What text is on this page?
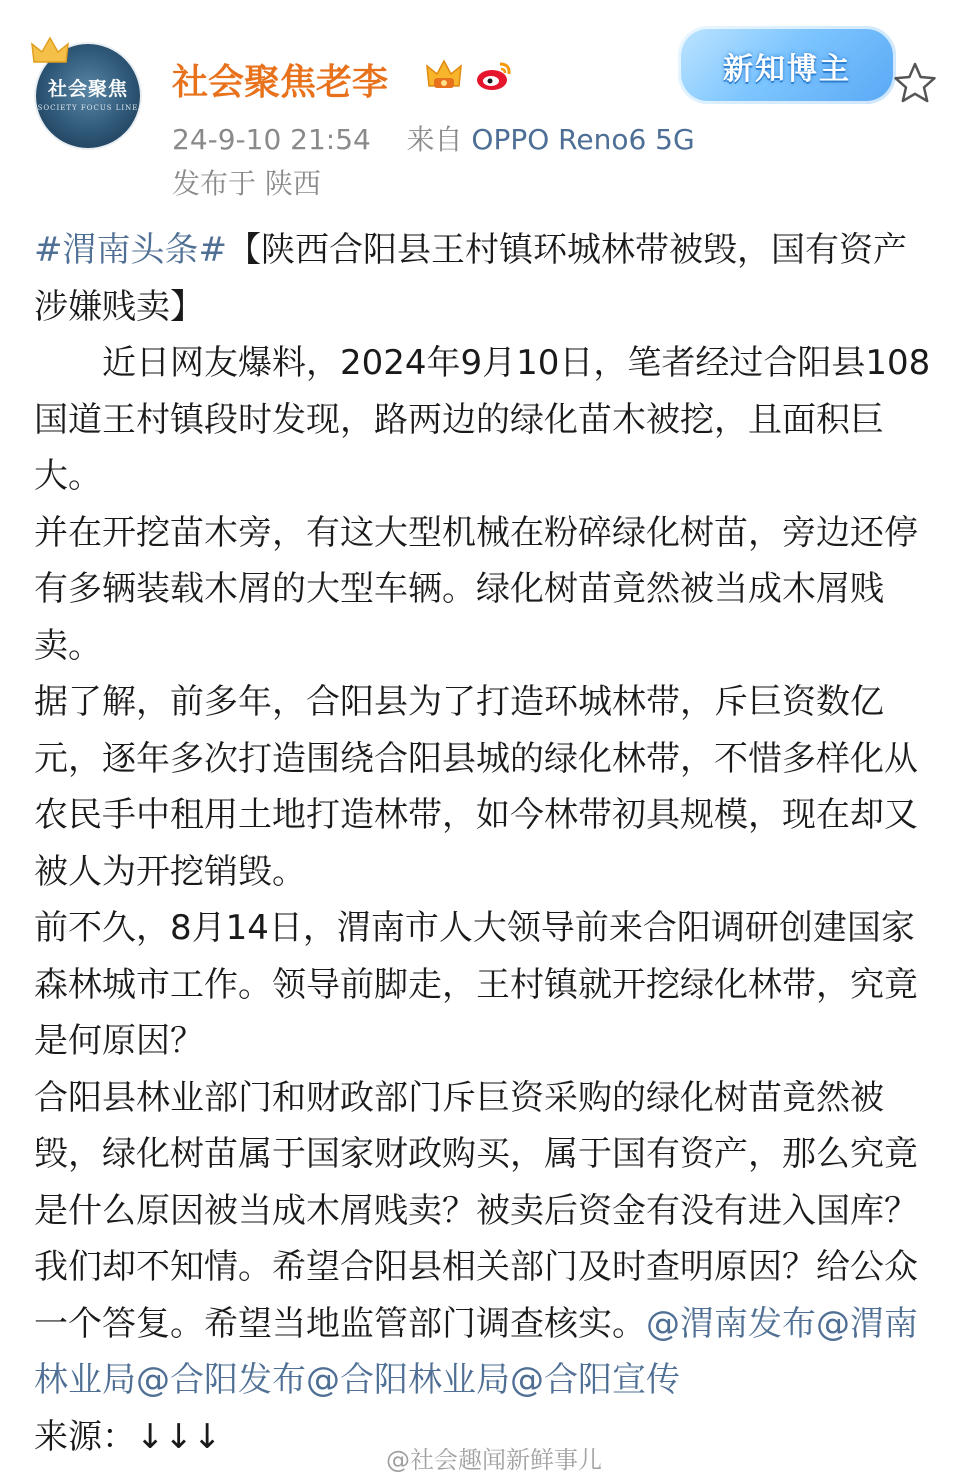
社会聚焦
SOCIETY FOCUS LINE
社会聚焦老李
24-9-10 21:54 来自 OPPO Reno6 5G
发布于 陕西
新知博主

#渭南头条#【陕西合阳县王村镇环城林带被毁，国有资产涉嫌贱卖】

近日网友爆料，2024年9月10日，笔者经过合阳县108国道王村镇段时发现，路两边的绿化苗木被挖，且面积巨大。

并在开挖苗木旁，有这大型机械在粉碎绿化树苗，旁边还停有多辆装载木屑的大型车辆。绿化树苗竟然被当成木屑贱卖。

据了解，前多年，合阳县为了打造环城林带，斥巨资数亿元，逐年多次打造围绕合阳县城的绿化林带，不惜多样化从农民手中租用土地打造林带，如今林带初具规模，现在却又被人为开挖销毁。

前不久，8月14日，渭南市人大领导前来合阳调研创建国家森林城市工作。领导前脚走，王村镇就开挖绿化林带，究竟是何原因？

合阳县林业部门和财政部门斥巨资采购的绿化树苗竟然被毁，绿化树苗属于国家财政购买，属于国有资产，那么究竟是什么原因被当成木屑贱卖？被卖后资金有没有进入国库？我们却不知情。希望合阳县相关部门及时查明原因？给公众一个答复。希望当地监管部门调查核实。@渭南发布@渭南林业局@合阳发布@合阳林业局@合阳宣传

来源：↓↓↓

@社会趣闻新鲜事儿
